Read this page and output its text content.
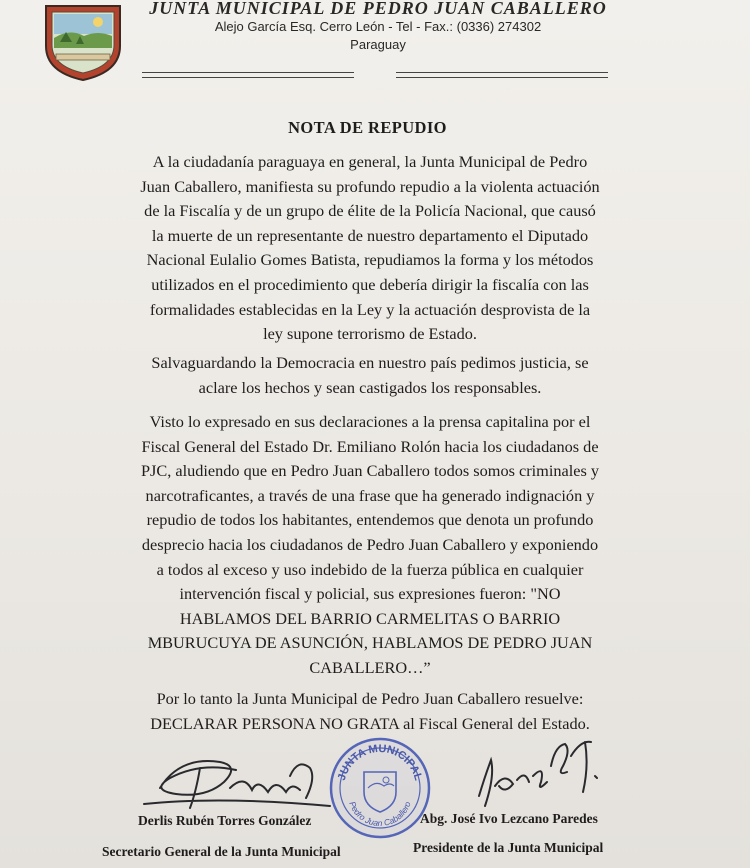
JUNTA MUNICIPAL DE PEDRO JUAN CABALLERO
Alejo García Esq. Cerro León - Tel - Fax.: (0336) 274302
Paraguay
NOTA DE REPUDIO
A la ciudadanía paraguaya en general, la Junta Municipal de Pedro
Juan Caballero, manifiesta su profundo repudio a la violenta actuación
de la Fiscalía y de un grupo de élite de la Policía Nacional, que causó
la muerte de un representante de nuestro departamento el Diputado
Nacional Eulalio Gomes Batista, repudiamos la forma y los métodos
utilizados en el procedimiento que debería dirigir la fiscalía con las
formalidades establecidas en la Ley y la actuación desprovista de la
ley supone terrorismo de Estado.
Salvaguardando la Democracia en nuestro país pedimos justicia, se
aclare los hechos y sean castigados los responsables.
Visto lo expresado en sus declaraciones a la prensa capitalina por el
Fiscal General del Estado Dr. Emiliano Rolón hacia los ciudadanos de
PJC, aludiendo que en Pedro Juan Caballero todos somos criminales y
narcotraficantes, a través de una frase que ha generado indignación y
repudio de todos los habitantes, entendemos que denota un profundo
desprecio hacia los ciudadanos de Pedro Juan Caballero y exponiendo
a todos al exceso y uso indebido de la fuerza pública en cualquier
intervención fiscal y policial, sus expresiones fueron: "NO
HABLAMOS DEL BARRIO CARMELITAS O BARRIO
MBURUCUYA DE ASUNCIÓN, HABLAMOS DE PEDRO JUAN
CABALLERO…”
Por lo tanto la Junta Municipal de Pedro Juan Caballero resuelve:
DECLARAR PERSONA NO GRATA al Fiscal General del Estado.
JUNTA MUNICIPAL
Pedro Juan Caballero
Derlis Rubén Torres González	Abg. José Ivo Lezcano Paredes
Secretario General de la Junta Municipal	Presidente de la Junta Municipal
